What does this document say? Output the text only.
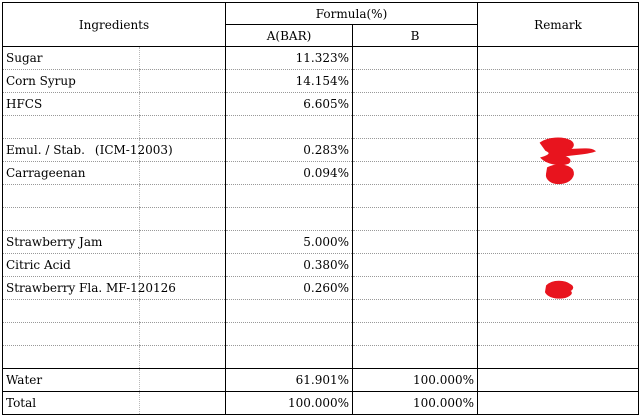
Ingredients		Formula(%)		Remark
		A(BAR)	B	
Sugar		11.323%		
Corn Syrup		14.154%		
HFCS		6.605%		

Emul. / Stab. (ICM-12003)		0.283%		
Carrageenan		0.094%		

Strawberry Jam		5.000%		
Citric Acid		0.380%		
Strawberry Fla. MF-120126		0.260%		

Water		61.901%	100.000%	
Total		100.000%	100.000%	
